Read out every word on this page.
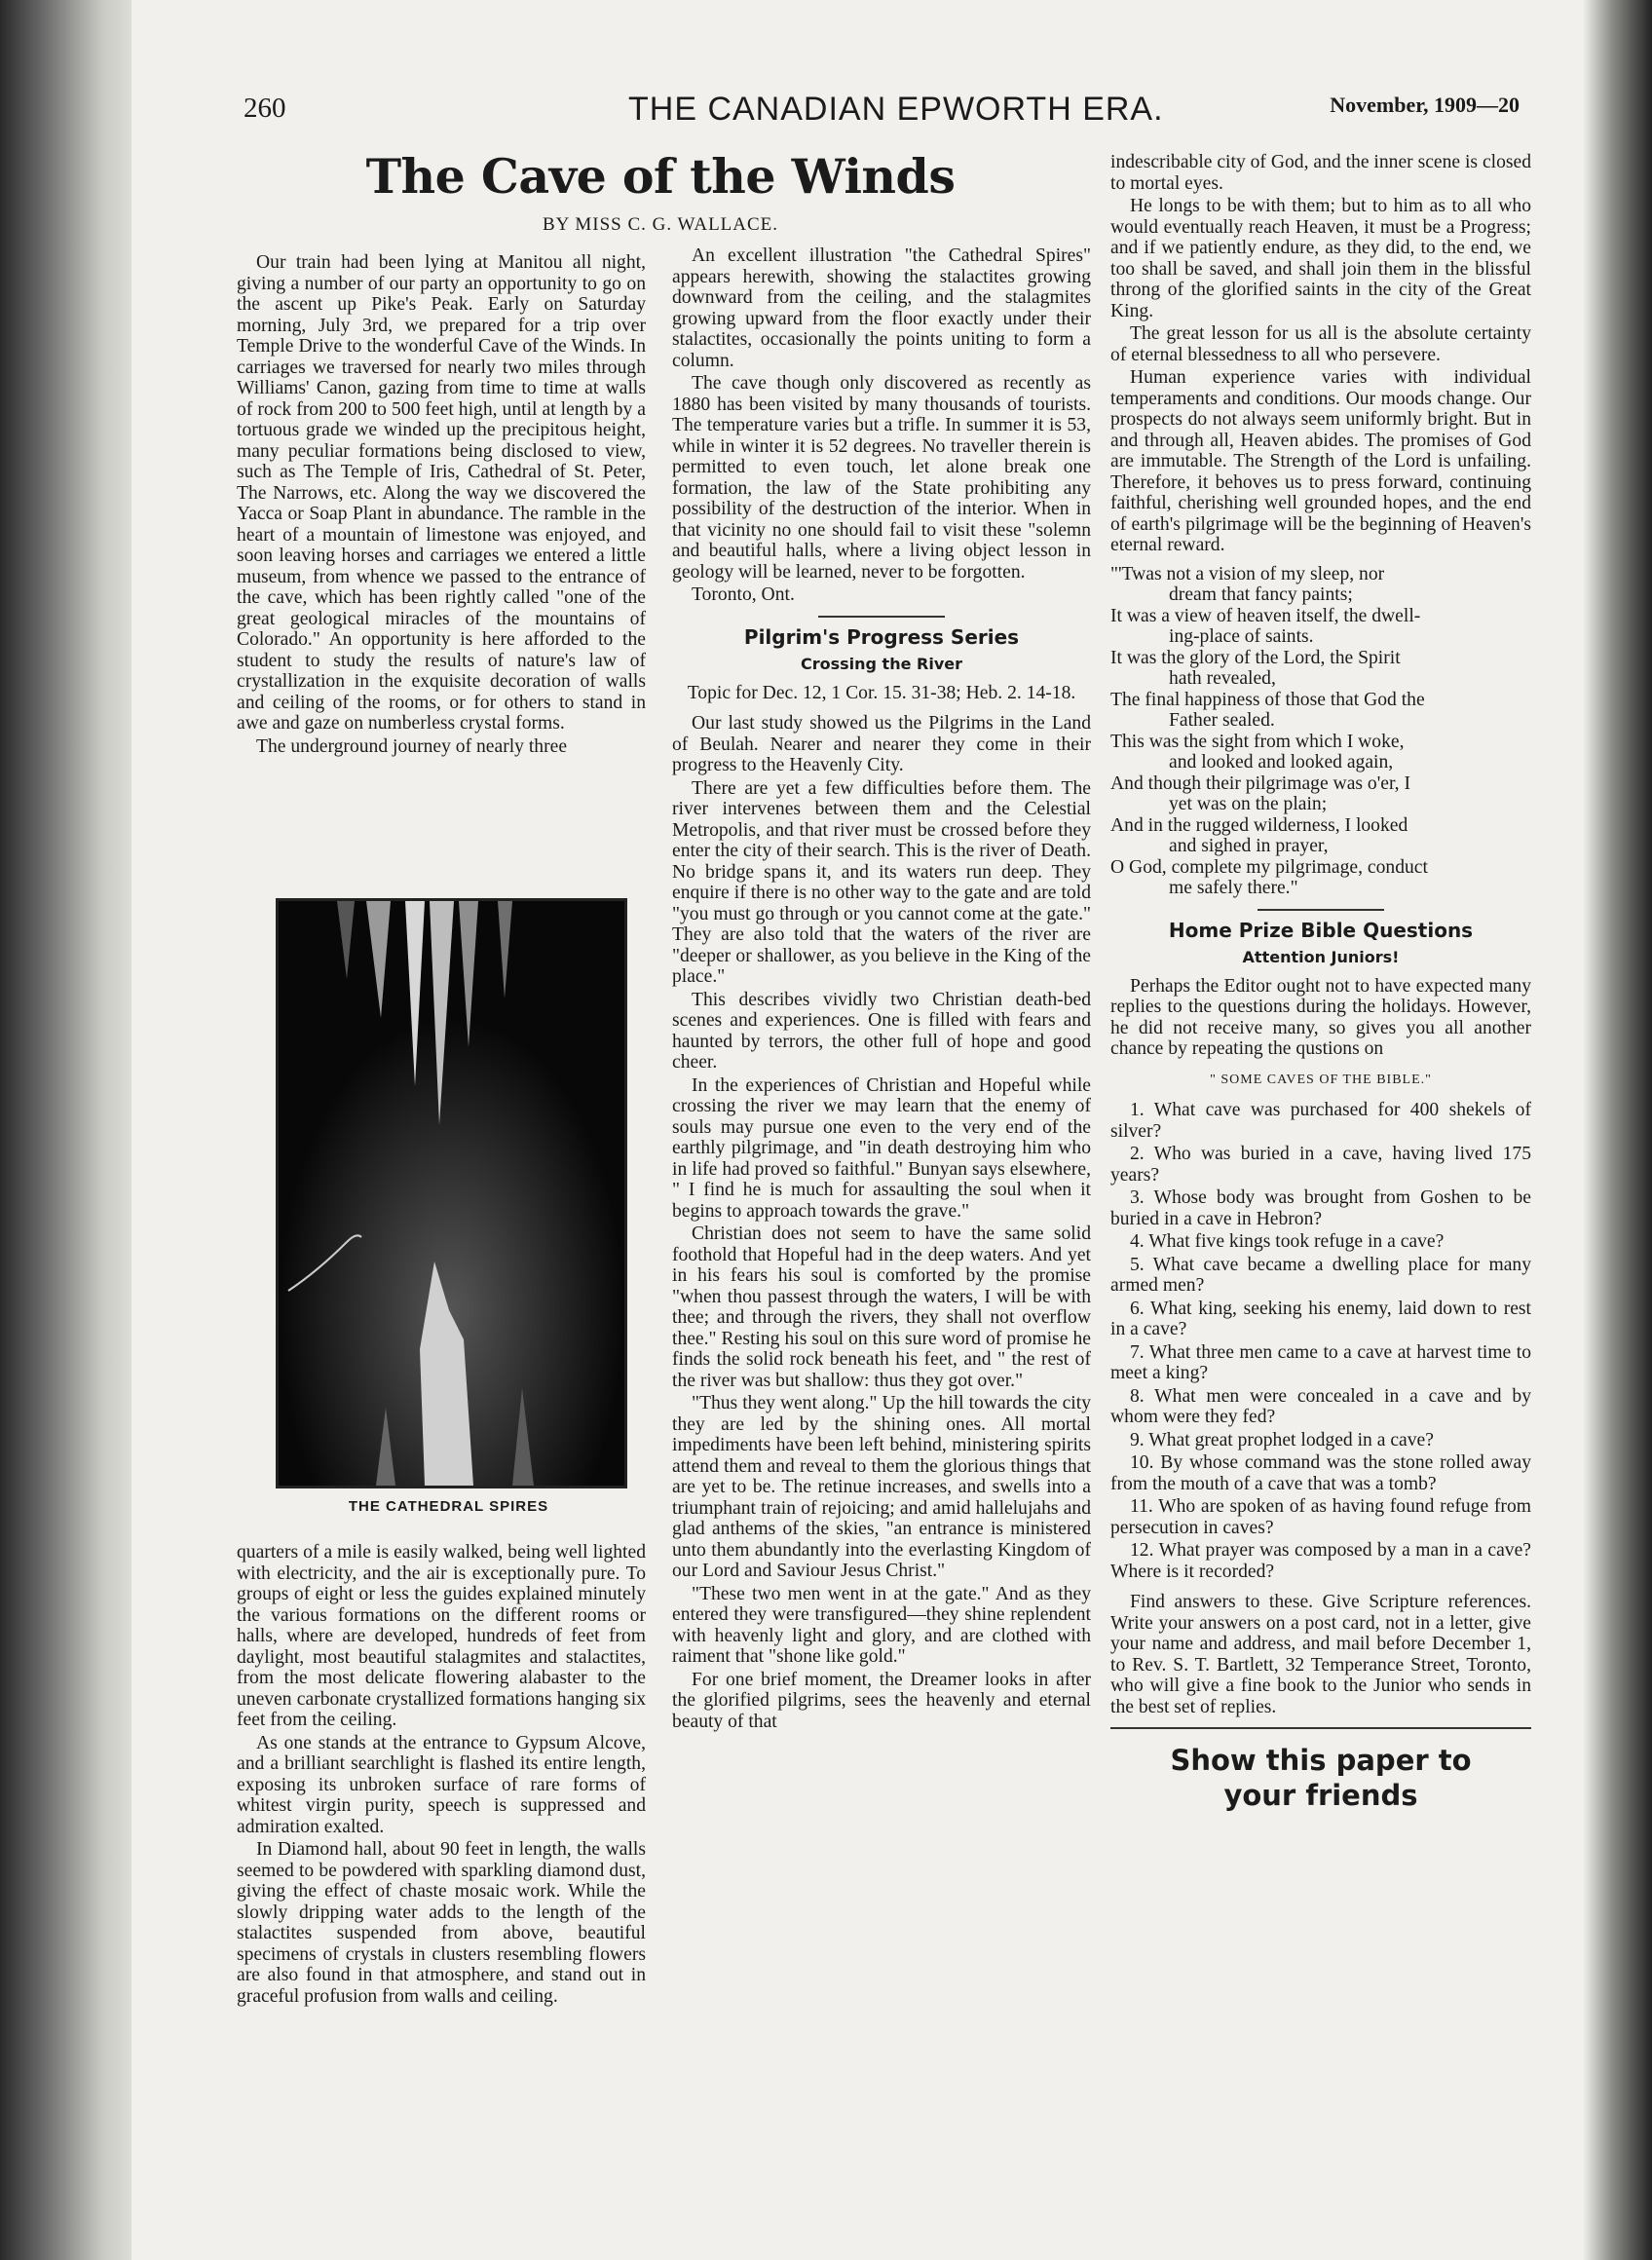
260	THE CANADIAN EPWORTH ERA.	November, 1909—20
The Cave of the Winds
BY MISS C. G. WALLACE.

Our train had been lying at Manitou all night, giving a number of our party an opportunity to go on the ascent up Pike's Peak. Early on Saturday morning, July 3rd, we prepared for a trip over Temple Drive to the wonderful Cave of the Winds. In carriages we traversed for nearly two miles through Williams' Canon, gazing from time to time at walls of rock from 200 to 500 feet high, until at length by a tortuous grade we winded up the precipitous height, many peculiar formations being disclosed to view, such as The Temple of Iris, Cathedral of St. Peter, The Narrows, etc. Along the way we discovered the Yacca or Soap Plant in abundance. The ramble in the heart of a mountain of limestone was enjoyed, and soon leaving horses and carriages we entered a little museum, from whence we passed to the entrance of the cave, which has been rightly called "one of the great geological miracles of the mountains of Colorado." An opportunity is here afforded to the student to study the results of nature's law of crystallization in the exquisite decoration of walls and ceiling of the rooms, or for others to stand in awe and gaze on numberless crystal forms.

The underground journey of nearly three

THE CATHEDRAL SPIRES

quarters of a mile is easily walked, being well lighted with electricity, and the air is exceptionally pure. To groups of eight or less the guides explained minutely the various formations on the different rooms or halls, where are developed, hundreds of feet from daylight, most beautiful stalagmites and stalactites, from the most delicate flowering alabaster to the uneven carbonate crystallized formations hanging six feet from the ceiling.

As one stands at the entrance to Gypsum Alcove, and a brilliant searchlight is flashed its entire length, exposing its unbroken surface of rare forms of whitest virgin purity, speech is suppressed and admiration exalted.

In Diamond hall, about 90 feet in length, the walls seemed to be powdered with sparkling diamond dust, giving the effect of chaste mosaic work. While the slowly dripping water adds to the length of the stalactites suspended from above, beautiful specimens of crystals in clusters resembling flowers are also found in that atmosphere, and stand out in graceful profusion from walls and ceiling.

An excellent illustration "the Cathedral Spires" appears herewith, showing the stalactites growing downward from the ceiling, and the stalagmites growing upward from the floor exactly under their stalactites, occasionally the points uniting to form a column.

The cave though only discovered as recently as 1880 has been visited by many thousands of tourists. The temperature varies but a trifle. In summer it is 53, while in winter it is 52 degrees. No traveller therein is permitted to even touch, let alone break one formation, the law of the State prohibiting any possibility of the destruction of the interior. When in that vicinity no one should fail to visit these "solemn and beautiful halls, where a living object lesson in geology will be learned, never to be forgotten.

Toronto, Ont.

Pilgrim's Progress Series
Crossing the River
Topic for Dec. 12, 1 Cor. 15. 31-38; Heb. 2. 14-18.

Our last study showed us the Pilgrims in the Land of Beulah. Nearer and nearer they come in their progress to the Heavenly City.

There are yet a few difficulties before them. The river intervenes between them and the Celestial Metropolis, and that river must be crossed before they enter the city of their search. This is the river of Death. No bridge spans it, and its waters run deep. They enquire if there is no other way to the gate and are told "you must go through or you cannot come at the gate." They are also told that the waters of the river are "deeper or shallower, as you believe in the King of the place."

This describes vividly two Christian death-bed scenes and experiences. One is filled with fears and haunted by terrors, the other full of hope and good cheer.

In the experiences of Christian and Hopeful while crossing the river we may learn that the enemy of souls may pursue one even to the very end of the earthly pilgrimage, and "in death destroying him who in life had proved so faithful." Bunyan says elsewhere, " I find he is much for assaulting the soul when it begins to approach towards the grave."

Christian does not seem to have the same solid foothold that Hopeful had in the deep waters. And yet in his fears his soul is comforted by the promise "when thou passest through the waters, I will be with thee; and through the rivers, they shall not overflow thee." Resting his soul on this sure word of promise he finds the solid rock beneath his feet, and " the rest of the river was but shallow: thus they got over."

"Thus they went along." Up the hill towards the city they are led by the shining ones. All mortal impediments have been left behind, ministering spirits attend them and reveal to them the glorious things that are yet to be. The retinue increases, and swells into a triumphant train of rejoicing; and amid hallelujahs and glad anthems of the skies, "an entrance is ministered unto them abundantly into the everlasting Kingdom of our Lord and Saviour Jesus Christ."

"These two men went in at the gate." And as they entered they were transfigured—they shine replendent with heavenly light and glory, and are clothed with raiment that "shone like gold."

For one brief moment, the Dreamer looks in after the glorified pilgrims, sees the heavenly and eternal beauty of that

indescribable city of God, and the inner scene is closed to mortal eyes.

He longs to be with them; but to him as to all who would eventually reach Heaven, it must be a Progress; and if we patiently endure, as they did, to the end, we too shall be saved, and shall join them in the blissful throng of the glorified saints in the city of the Great King.

The great lesson for us all is the absolute certainty of eternal blessedness to all who persevere.

Human experience varies with individual temperaments and conditions. Our moods change. Our prospects do not always seem uniformly bright. But in and through all, Heaven abides. The promises of God are immutable. The Strength of the Lord is unfailing. Therefore, it behoves us to press forward, continuing faithful, cherishing well grounded hopes, and the end of earth's pilgrimage will be the beginning of Heaven's eternal reward.

"'Twas not a vision of my sleep, nor
dream that fancy paints;
It was a view of heaven itself, the dwell-
ing-place of saints.
It was the glory of the Lord, the Spirit
hath revealed,
The final happiness of those that God the
Father sealed.
This was the sight from which I woke,
and looked and looked again,
And though their pilgrimage was o'er, I
yet was on the plain;
And in the rugged wilderness, I looked
and sighed in prayer,
O God, complete my pilgrimage, conduct
me safely there."
Home Prize Bible Questions
Attention Juniors!

Perhaps the Editor ought not to have expected many replies to the questions during the holidays. However, he did not receive many, so gives you all another chance by repeating the qustions on

" SOME CAVES OF THE BIBLE."

1. What cave was purchased for 400 shekels of silver?

2. Who was buried in a cave, having lived 175 years?

3. Whose body was brought from Goshen to be buried in a cave in Hebron?

4. What five kings took refuge in a cave?

5. What cave became a dwelling place for many armed men?

6. What king, seeking his enemy, laid down to rest in a cave?

7. What three men came to a cave at harvest time to meet a king?

8. What men were concealed in a cave and by whom were they fed?

9. What great prophet lodged in a cave?

10. By whose command was the stone rolled away from the mouth of a cave that was a tomb?

11. Who are spoken of as having found refuge from persecution in caves?

12. What prayer was composed by a man in a cave? Where is it recorded?

Find answers to these. Give Scripture references. Write your answers on a post card, not in a letter, give your name and address, and mail before December 1, to Rev. S. T. Bartlett, 32 Temperance Street, Toronto, who will give a fine book to the Junior who sends in the best set of replies.

Show this paper to
your friends
